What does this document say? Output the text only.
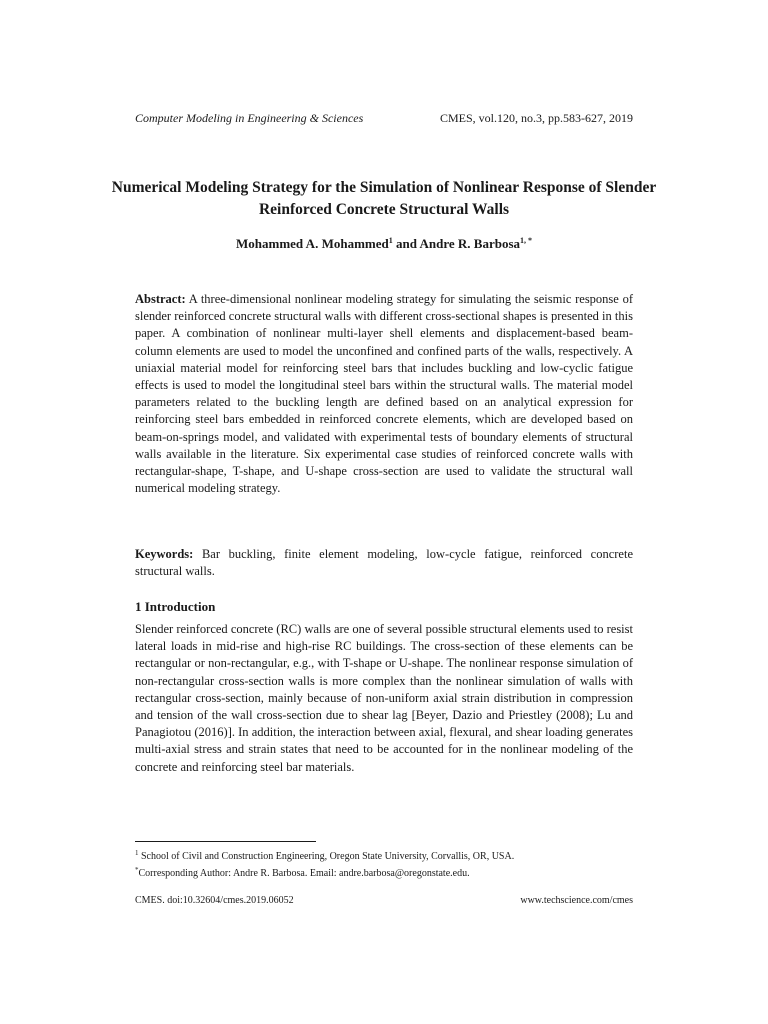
Computer Modeling in Engineering & Sciences	CMES, vol.120, no.3, pp.583-627, 2019
Numerical Modeling Strategy for the Simulation of Nonlinear Response of Slender Reinforced Concrete Structural Walls
Mohammed A. Mohammed$^1$ and Andre R. Barbosa$^{1, *}$
Abstract: A three-dimensional nonlinear modeling strategy for simulating the seismic response of slender reinforced concrete structural walls with different cross-sectional shapes is presented in this paper. A combination of nonlinear multi-layer shell elements and displacement-based beam-column elements are used to model the unconfined and confined parts of the walls, respectively. A uniaxial material model for reinforcing steel bars that includes buckling and low-cyclic fatigue effects is used to model the longitudinal steel bars within the structural walls. The material model parameters related to the buckling length are defined based on an analytical expression for reinforcing steel bars embedded in reinforced concrete elements, which are developed based on beam-on-springs model, and validated with experimental tests of boundary elements of structural walls available in the literature. Six experimental case studies of reinforced concrete walls with rectangular-shape, T-shape, and U-shape cross-section are used to validate the structural wall numerical modeling strategy.
Keywords: Bar buckling, finite element modeling, low-cycle fatigue, reinforced concrete structural walls.
1 Introduction
Slender reinforced concrete (RC) walls are one of several possible structural elements used to resist lateral loads in mid-rise and high-rise RC buildings. The cross-section of these elements can be rectangular or non-rectangular, e.g., with T-shape or U-shape. The nonlinear response simulation of non-rectangular cross-section walls is more complex than the nonlinear simulation of walls with rectangular cross-section, mainly because of non-uniform axial strain distribution in compression and tension of the wall cross-section due to shear lag [Beyer, Dazio and Priestley (2008); Lu and Panagiotou (2016)]. In addition, the interaction between axial, flexural, and shear loading generates multi-axial stress and strain states that need to be accounted for in the nonlinear modeling of the concrete and reinforcing steel bar materials.
$^1$ School of Civil and Construction Engineering, Oregon State University, Corvallis, OR, USA.
*Corresponding Author: Andre R. Barbosa. Email: andre.barbosa@oregonstate.edu.
CMES. doi:10.32604/cmes.2019.06052	www.techscience.com/cmes
